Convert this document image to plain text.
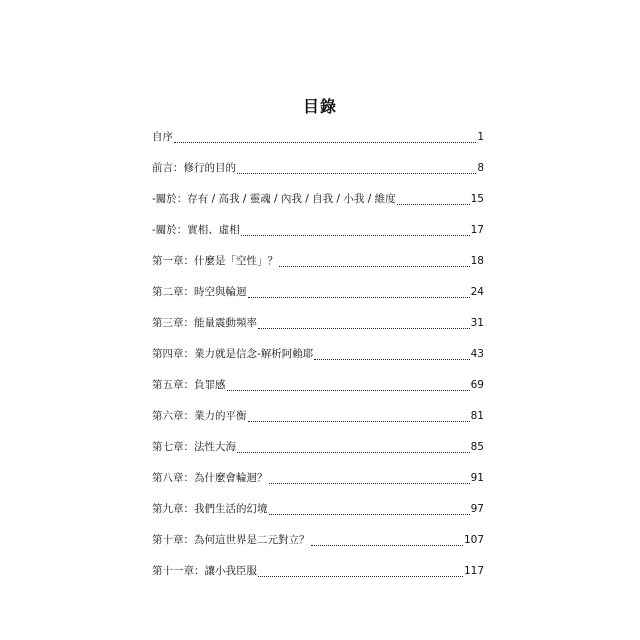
目錄
自序	1
前言：修行的目的	8
-關於：存有 / 高我 / 靈魂 / 內我 / 自我 / 小我 / 維度	15
-關於：實相、虛相	17
第一章：什麼是「空性」？	18
第二章：時空與輪迴	24
第三章：能量震動頻率	31
第四章：業力就是信念-解析阿賴耶	43
第五章：負罪感	69
第六章：業力的平衡	81
第七章：法性大海	85
第八章：為什麼會輪迴？	91
第九章：我們生活的幻境	97
第十章：為何這世界是二元對立？	107
第十一章：讓小我臣服	117
